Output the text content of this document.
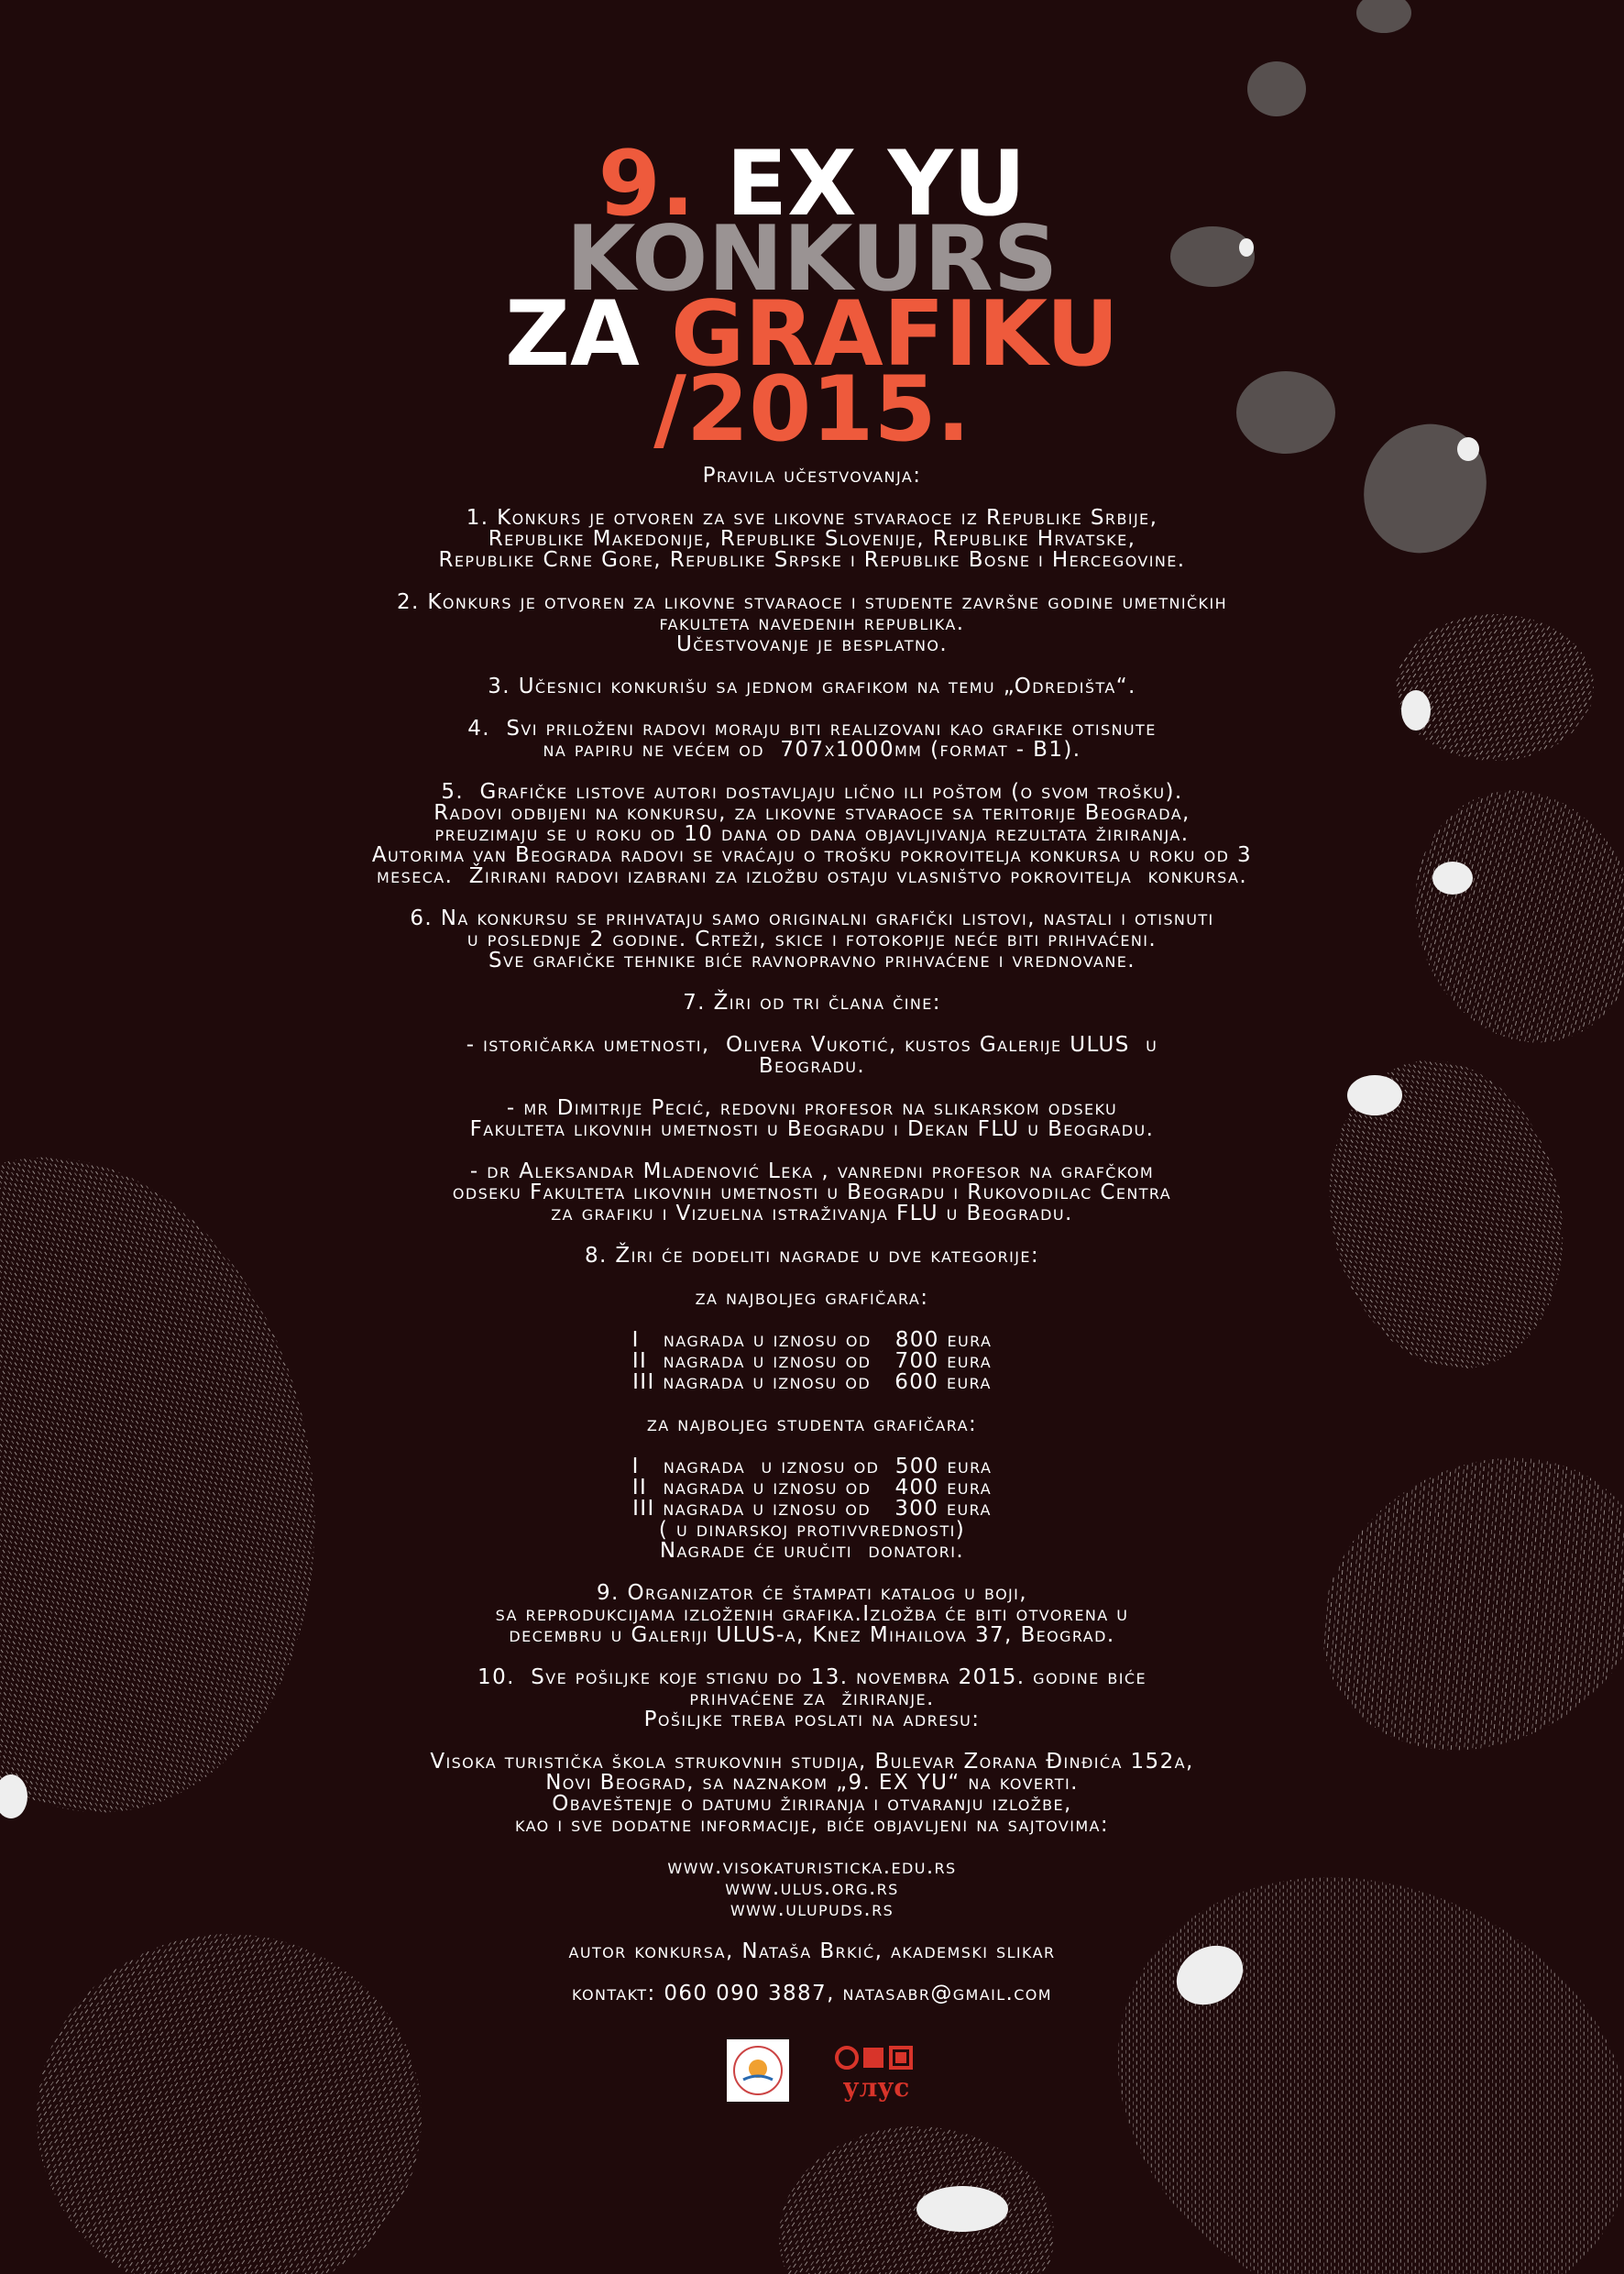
9. EX YU
KONKURS
ZA GRAFIKU
/2015.
Pravila učestvovanja:
1. Konkurs je otvoren za sve likovne stvaraoce iz Republike Srbije,
Republike Makedonije, Republike Slovenije, Republike Hrvatske,
Republike Crne Gore, Republike Srpske i Republike Bosne i Hercegovine.
2. Konkurs je otvoren za likovne stvaraoce i studente završne godine umetničkih
fakulteta navedenih republika.
Učestvovanje je besplatno.
3. Učesnici konkurišu sa jednom grafikom na temu „Odredišta“.
4.  Svi priloženi radovi moraju biti realizovani kao grafike otisnute
na papiru ne većem od  707x1000mm (format - B1).
5.  Grafičke listove autori dostavljaju lično ili poštom (o svom trošku).
Radovi odbijeni na konkursu, za likovne stvaraoce sa teritorije Beograda,
preuzimaju se u roku od 10 dana od dana objavljivanja rezultata žiriranja.
Autorima van Beograda radovi se vraćaju o trošku pokrovitelja konkursa u roku od 3
meseca.  Žirirani radovi izabrani za izložbu ostaju vlasništvo pokrovitelja  konkursa.
6. Na konkursu se prihvataju samo originalni grafički listovi, nastali i otisnuti
u poslednje 2 godine. Crteži, skice i fotokopije neće biti prihvaćeni.
Sve grafičke tehnike biće ravnopravno prihvaćene i vrednovane.
7. Žiri od tri člana čine:
- istoričarka umetnosti,  Olivera Vukotić, kustos Galerije ULUS  u
Beogradu.
- mr Dimitrije Pecić, redovni profesor na slikarskom odseku
Fakulteta likovnih umetnosti u Beogradu i Dekan FLU u Beogradu.
- dr Aleksandar Mladenović Leka , vanredni profesor na grafčkom
odseku Fakulteta likovnih umetnosti u Beogradu i Rukovodilac Centra
za grafiku i Vizuelna istraživanja FLU u Beogradu.
8. Žiri će dodeliti nagrade u dve kategorije:
za najboljeg grafičara:
I   nagrada u iznosu od   800 eura
II  nagrada u iznosu od   700 eura
III nagrada u iznosu od   600 eura
za najboljeg studenta grafičara:
I   nagrada  u iznosu od  500 eura
II  nagrada u iznosu od   400 eura
III nagrada u iznosu od   300 eura
( u dinarskoj protivvrednosti)
Nagrade će uručiti  donatori.
9. Organizator će štampati katalog u boji,
sa reprodukcijama izloženih grafika.Izložba će biti otvorena u
decembru u Galeriji ULUS-a, Knez Mihailova 37, Beograd.
10.  Sve pošiljke koje stignu do 13. novembra 2015. godine biće
prihvaćene za  žiriranje.
Pošiljke treba poslati na adresu:
Visoka turistička škola strukovnih studija, Bulevar Zorana Đinđića 152a,
Novi Beograd, sa naznakom „9. EX YU“ na koverti.
Obaveštenje o datumu žiriranja i otvaranju izložbe,
kao i sve dodatne informacije, biće objavljeni na sajtovima:
www.visokaturisticka.edu.rs
www.ulus.org.rs
www.ulupuds.rs
autor konkursa, Nataša Brkić, akademski slikar
kontakt: 060 090 3887, natasabr@gmail.com
улус
